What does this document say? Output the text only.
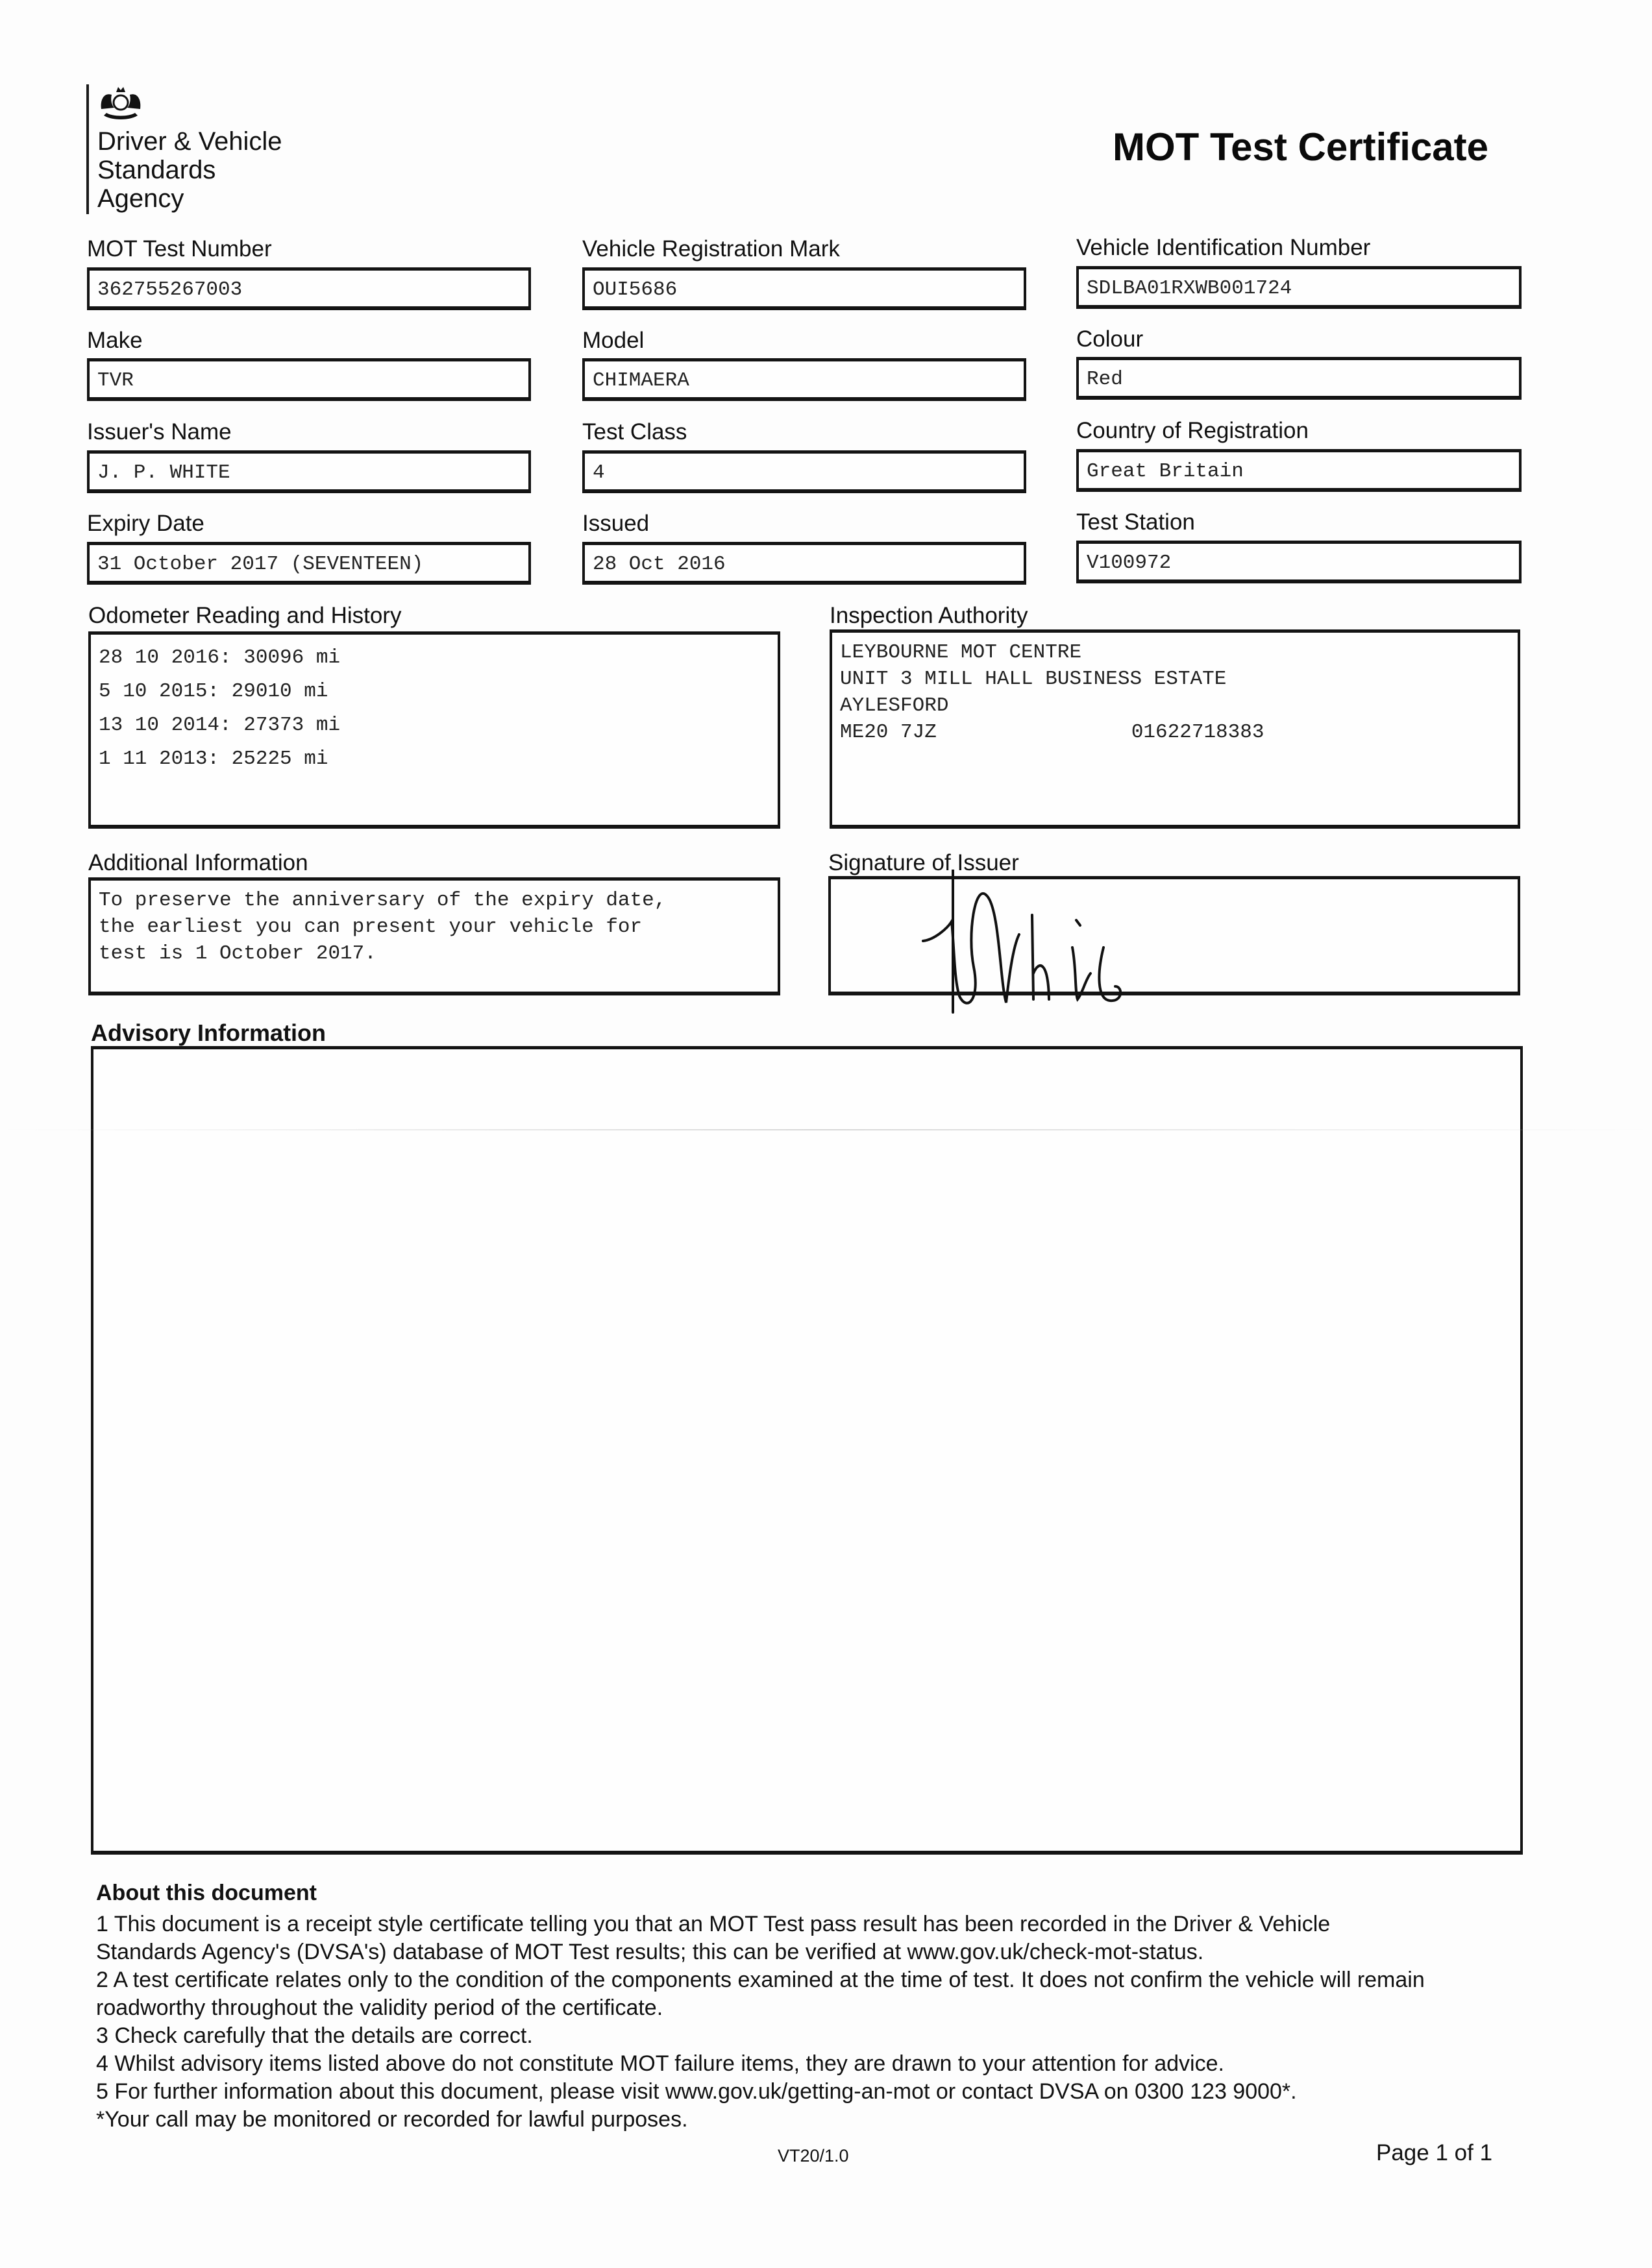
Driver & Vehicle
Standards
Agency
MOT Test Certificate
MOT Test Number
362755267003
Vehicle Registration Mark
OUI5686
Vehicle Identification Number
SDLBA01RXWB001724
Make
TVR
Model
CHIMAERA
Colour
Red
Issuer's Name
J. P. WHITE
Test Class
4
Country of Registration
Great Britain
Expiry Date
31 October 2017 (SEVENTEEN)
Issued
28 Oct 2016
Test Station
V100972
Odometer Reading and History
28 10 2016: 30096 mi
5 10 2015: 29010 mi
13 10 2014: 27373 mi
1 11 2013: 25225 mi
Inspection Authority
LEYBOURNE MOT CENTRE
UNIT 3 MILL HALL BUSINESS ESTATE
AYLESFORD
ME20 7JZ	01622718383
Additional Information
To preserve the anniversary of the expiry date,
the earliest you can present your vehicle for
test is 1 October 2017.
Signature of Issuer
Advisory Information
About this document

1 This document is a receipt style certificate telling you that an MOT Test pass result has been recorded in the Driver & Vehicle

Standards Agency's (DVSA's) database of MOT Test results; this can be verified at www.gov.uk/check-mot-status.

2 A test certificate relates only to the condition of the components examined at the time of test. It does not confirm the vehicle will remain

roadworthy throughout the validity period of the certificate.

3 Check carefully that the details are correct.

4 Whilst advisory items listed above do not constitute MOT failure items, they are drawn to your attention for advice.

5 For further information about this document, please visit www.gov.uk/getting-an-mot or contact DVSA on 0300 123 9000*.

*Your call may be monitored or recorded for lawful purposes.

VT20/1.0	Page 1 of 1
